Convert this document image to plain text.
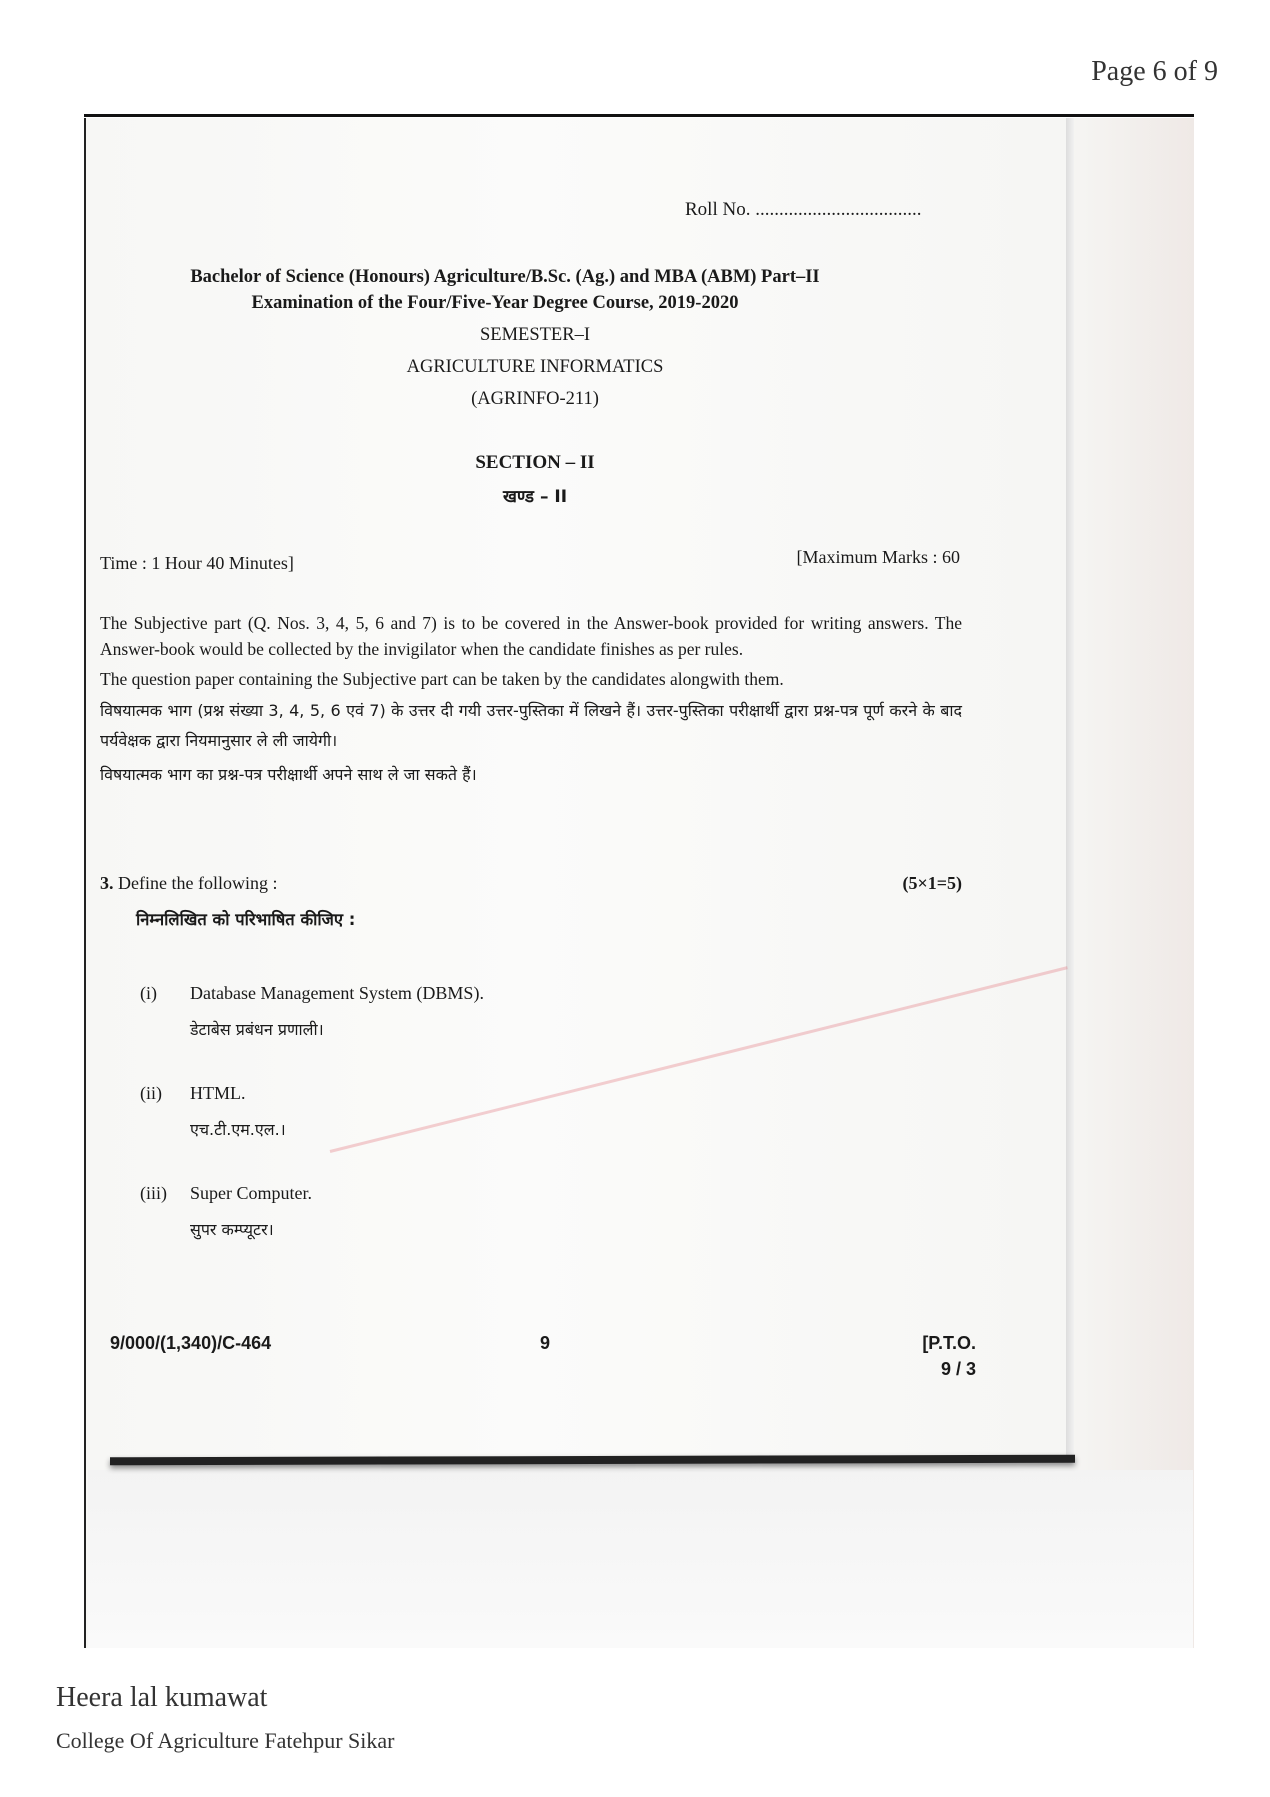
Page 6 of 9
Roll No. ...................................
Bachelor of Science (Honours) Agriculture/B.Sc. (Ag.) and MBA (ABM) Part–II
Examination of the Four/Five-Year Degree Course, 2019-2020
SEMESTER–I
AGRICULTURE INFORMATICS
(AGRINFO-211)
SECTION – II
खण्ड – II
Time : 1 Hour 40 Minutes]	[Maximum Marks : 60

The Subjective part (Q. Nos. 3, 4, 5, 6 and 7) is to be covered in the Answer-book provided for writing answers. The Answer-book would be collected by the invigilator when the candidate finishes as per rules.

The question paper containing the Subjective part can be taken by the candidates alongwith them.

विषयात्मक भाग (प्रश्न संख्या 3, 4, 5, 6 एवं 7) के उत्तर दी गयी उत्तर-पुस्तिका में लिखने हैं। उत्तर-पुस्तिका परीक्षार्थी द्वारा प्रश्न-पत्र पूर्ण करने के बाद पर्यवेक्षक द्वारा नियमानुसार ले ली जायेगी।

विषयात्मक भाग का प्रश्न-पत्र परीक्षार्थी अपने साथ ले जा सकते हैं।

3. Define the following :	(5×1=5)
निम्नलिखित को परिभाषित कीजिए :
(i) Database Management System (DBMS).
डेटाबेस प्रबंधन प्रणाली।
(ii) HTML.
एच.टी.एम.एल.।
(iii) Super Computer.
सुपर कम्प्यूटर।
9/000/(1,340)/C-464	9	[P.T.O.
9 / 3
Heera lal kumawat
College Of Agriculture Fatehpur Sikar
